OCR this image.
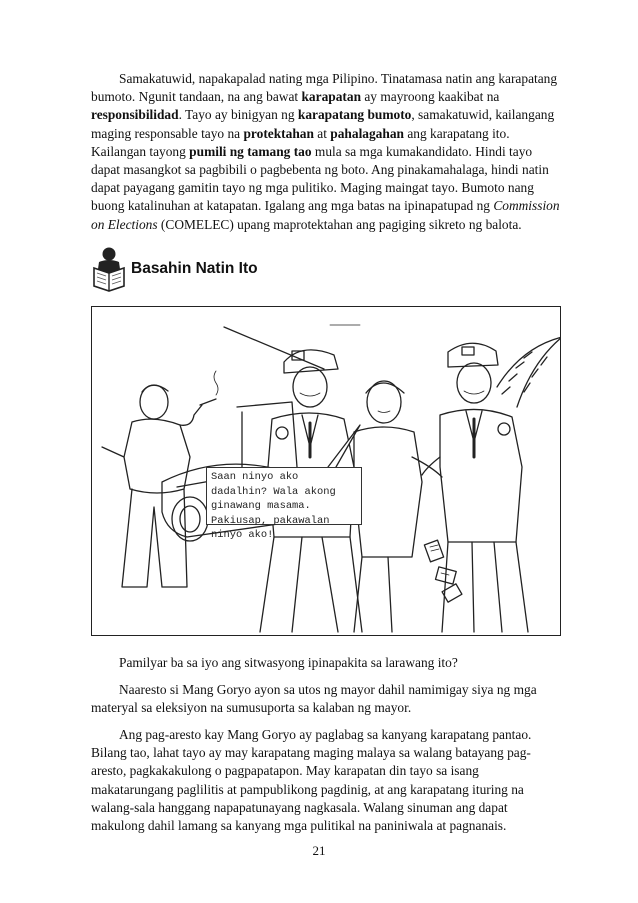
Samakatuwid, napakapalad nating mga Pilipino. Tinatamasa natin ang karapatang bumoto. Ngunit tandaan, na ang bawat karapatan ay mayroong kaakibat na responsibilidad. Tayo ay binigyan ng karapatang bumoto, samakatuwid, kailangang maging responsable tayo na protektahan at pahalagahan ang karapatang ito. Kailangan tayong pumili ng tamang tao mula sa mga kumakandidato. Hindi tayo dapat masangkot sa pagbibili o pagbebenta ng boto. Ang pinakamahalaga, hindi natin dapat payagang gamitin tayo ng mga pulitiko. Maging maingat tayo. Bumoto nang buong katalinuhan at katapatan. Igalang ang mga batas na ipinapatupad ng Commission on Elections (COMELEC) upang maprotektahan ang pagiging sikreto ng balota.

Basahin Natin Ito
Saan ninyo ako dadalhin? Wala akong ginawang masama. Pakiusap, pakawalan ninyo ako!

Pamilyar ba sa iyo ang sitwasyong ipinapakita sa larawang ito?

Naaresto si Mang Goryo ayon sa utos ng mayor dahil namimigay siya ng mga materyal sa eleksiyon na sumusuporta sa kalaban ng mayor.

Ang pag-aresto kay Mang Goryo ay paglabag sa kanyang karapatang pantao. Bilang tao, lahat tayo ay may karapatang maging malaya sa walang batayang pag-aresto, pagkakakulong o pagpapatapon. May karapatan din tayo sa isang makatarungang paglilitis at pampublikong pagdinig, at ang karapatang ituring na walang-sala hanggang napapatunayang nagkasala. Walang sinuman ang dapat makulong dahil lamang sa kanyang mga pulitikal na paniniwala at pagnanais.

21
